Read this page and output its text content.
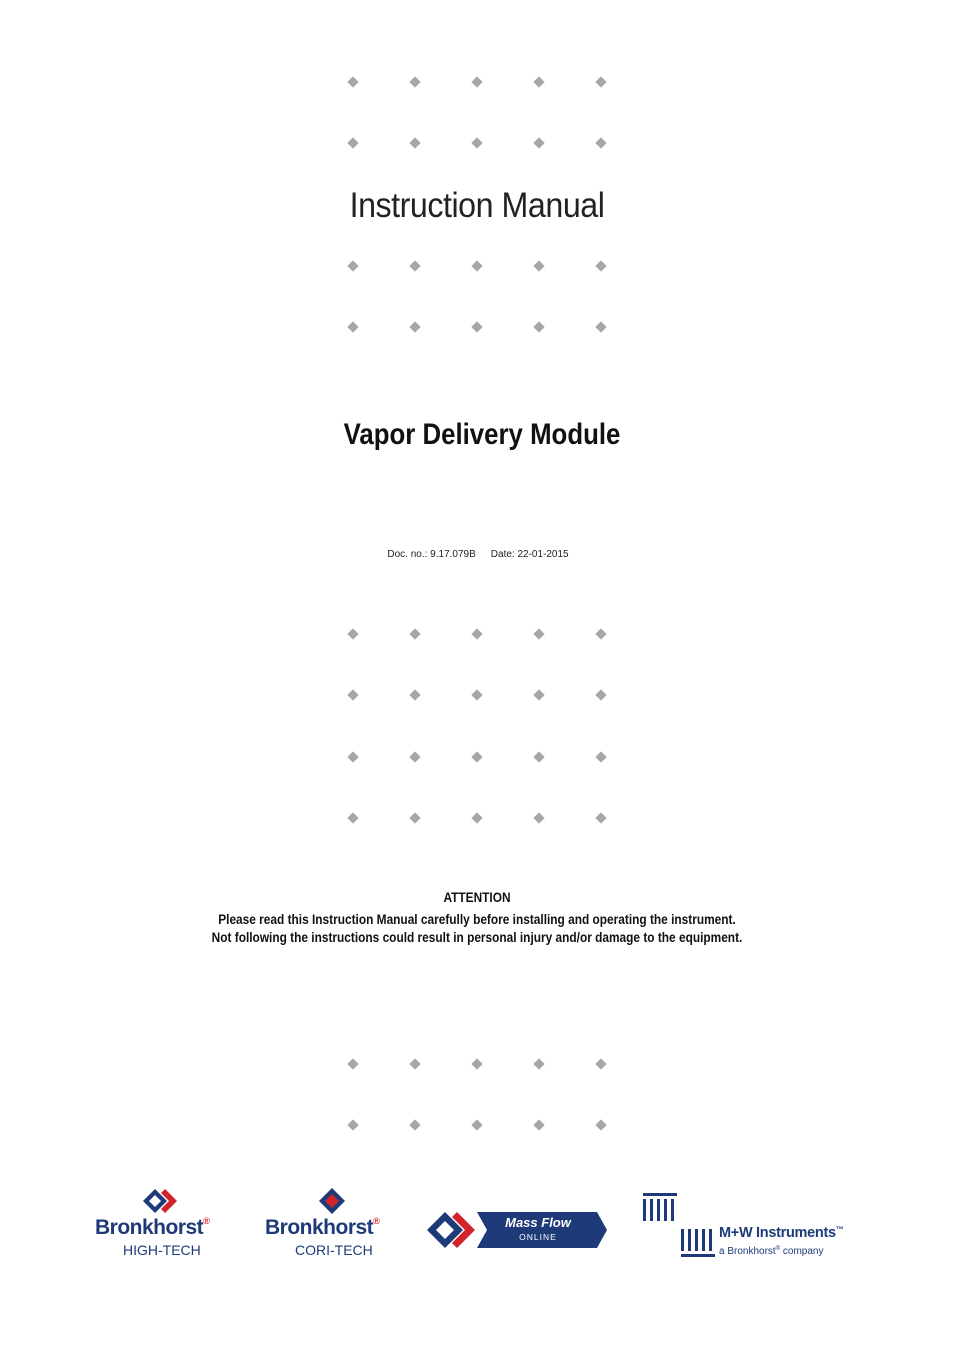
Instruction Manual
Vapor Delivery Module
Doc. no.: 9.17.079B Date: 22-01-2015
ATTENTION
Please read this Instruction Manual carefully before installing and operating the instrument.
Not following the instructions could result in personal injury and/or damage to the equipment.
Bronkhorst®
HIGH-TECH
Bronkhorst®
CORI-TECH
Mass Flow
ONLINE	M+W Instruments™
a Bronkhorst® company
